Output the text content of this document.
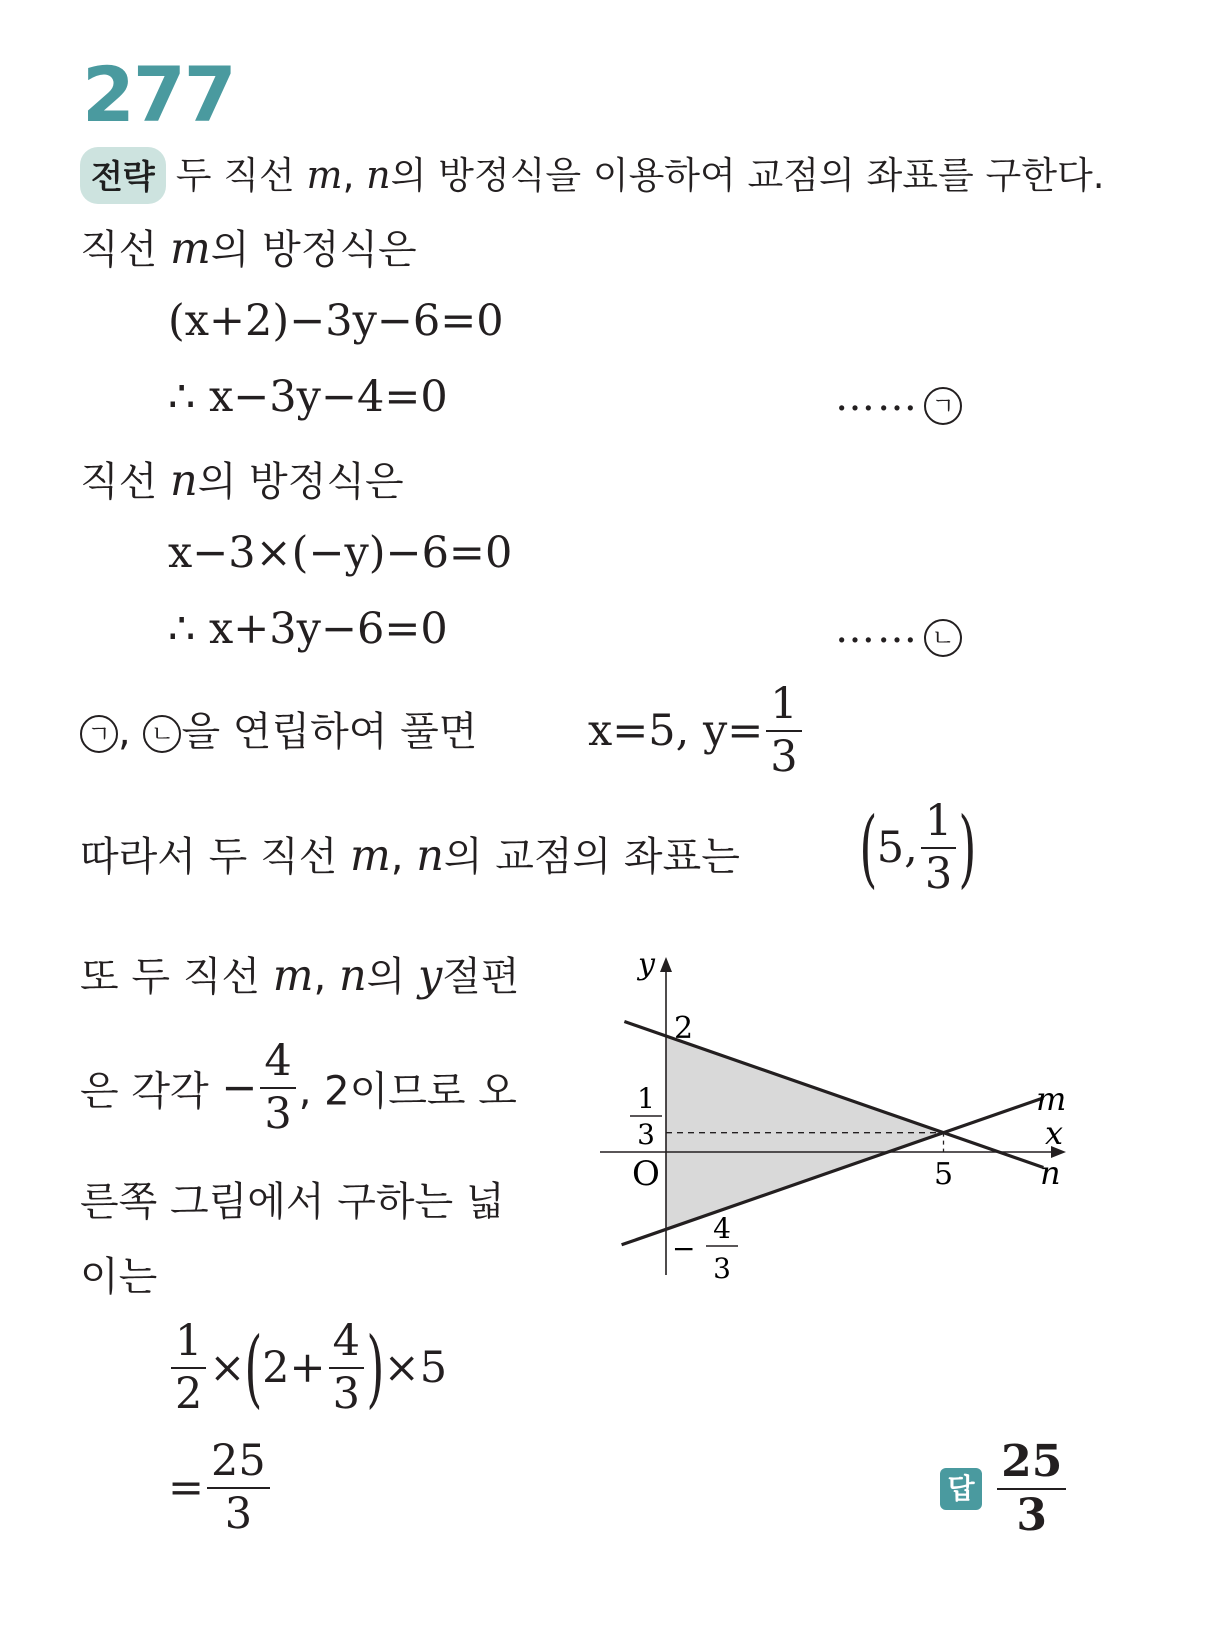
277
전략 두 직선 m, n의 방정식을 이용하여 교점의 좌표를 구한다.
직선 m의 방정식은
(x+2)−3y−6=0
∴ x−3y−4=0	…… ㄱ
직선 n의 방정식은
x−3×(−y)−6=0
∴ x+3y−6=0	…… ㄴ
ㄱ , ㄴ 을 연립하여 풀면	x=5, $y= \frac{1}{3}$
따라서 두 직선 m, n의 교점의 좌표는 (5, $\frac{1}{3}$ )
또 두 직선 m, n의 y절편
은 각각 − $\frac{4}{3}$ , 2이므로 오
른쪽 그림에서 구하는 넓
이는
$\frac{1}{2} \times(2+ \frac{4}{3} )\times 5$
= $\frac{25}{3}$	답 $\frac{25}{3}$
x
y
O
2
1
3
−
4
3
5
m
n
